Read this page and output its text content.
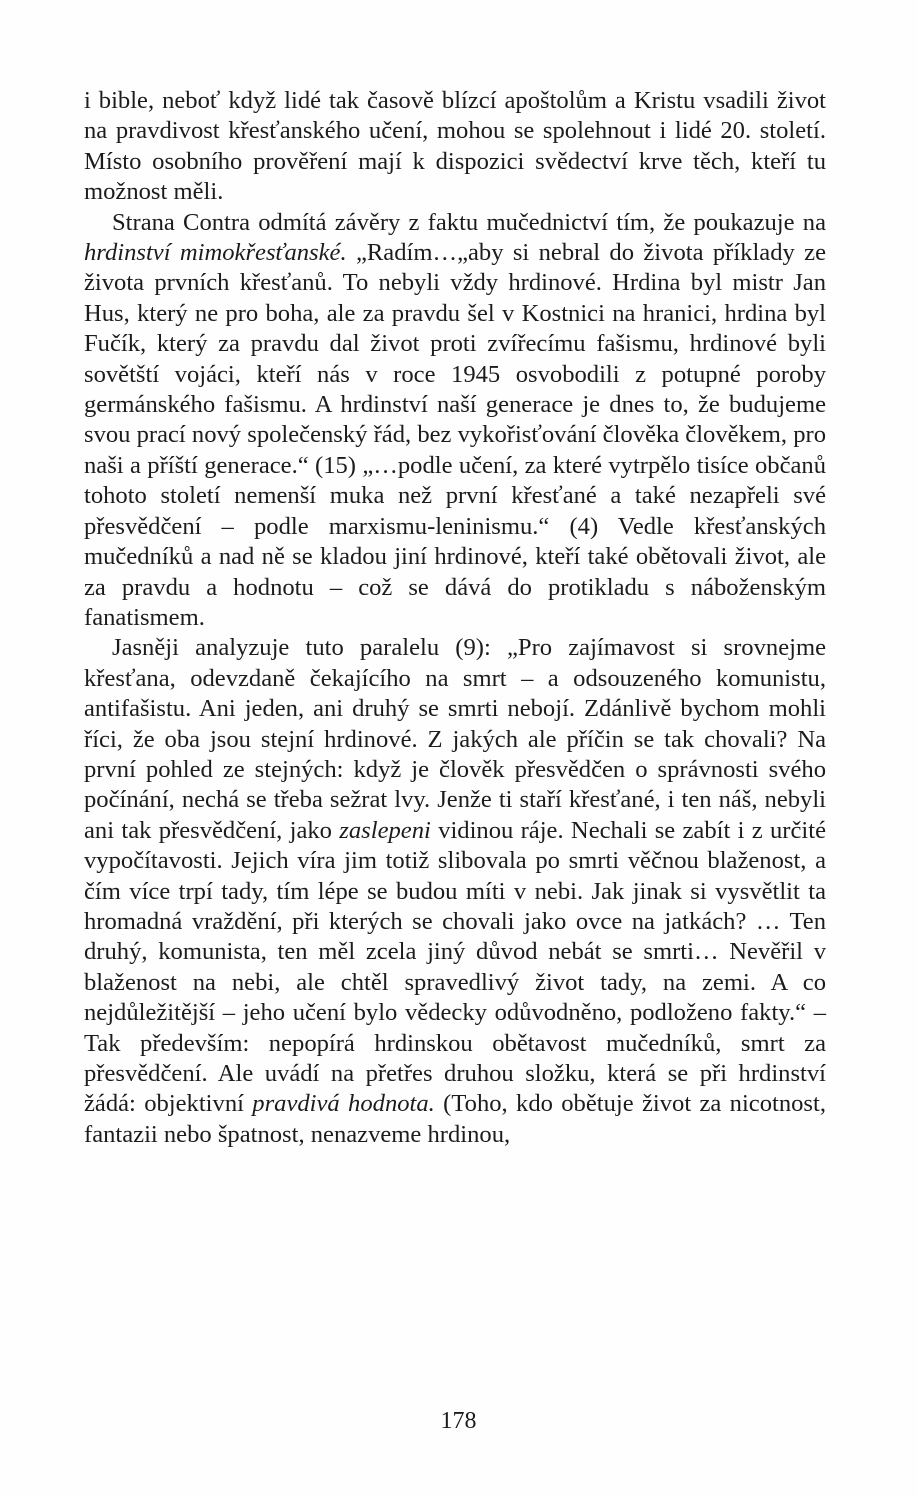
i bible, neboť když lidé tak časově blízcí apoštolům a Kristu vsadili život na pravdivost křesťanského učení, mohou se spolehnout i lidé 20. století. Místo osobního prověření mají k dispozici svědectví krve těch, kteří tu možnost měli.

Strana Contra odmítá závěry z faktu mučednictví tím, že poukazuje na hrdinství mimokřesťanské. „Radím…„aby si nebral do života příklady ze života prvních křesťanů. To nebyli vždy hrdinové. Hrdina byl mistr Jan Hus, který ne pro boha, ale za pravdu šel v Kostnici na hranici, hrdina byl Fučík, který za pravdu dal život proti zvířecímu fašismu, hrdinové byli sovětští vojáci, kteří nás v roce 1945 osvobodili z potupné poroby germánského fašismu. A hrdinství naší generace je dnes to, že budujeme svou prací nový společenský řád, bez vykořisťování člověka člověkem, pro naši a příští generace.“ (15) „…podle učení, za které vytrpělo tisíce občanů tohoto století nemenší muka než první křesťané a také nezapřeli své přesvědčení – podle marxismu-leninismu.“ (4) Vedle křesťanských mučedníků a nad ně se kladou jiní hrdinové, kteří také obětovali život, ale za pravdu a hodnotu – což se dává do protikladu s náboženským fanatismem.

Jasněji analyzuje tuto paralelu (9): „Pro zajímavost si srovnejme křesťana, odevzdaně čekajícího na smrt – a odsouzeného komunistu, antifašistu. Ani jeden, ani druhý se smrti nebojí. Zdánlivě bychom mohli říci, že oba jsou stejní hrdinové. Z jakých ale příčin se tak chovali? Na první pohled ze stejných: když je člověk přesvědčen o správnosti svého počínání, nechá se třeba sežrat lvy. Jenže ti staří křesťané, i ten náš, nebyli ani tak přesvědčení, jako zaslepeni vidinou ráje. Nechali se zabít i z určité vypočítavosti. Jejich víra jim totiž slibovala po smrti věčnou blaženost, a čím více trpí tady, tím lépe se budou míti v nebi. Jak jinak si vysvětlit ta hromadná vraždění, při kterých se chovali jako ovce na jatkách? … Ten druhý, komunista, ten měl zcela jiný důvod nebát se smrti… Nevěřil v blaženost na nebi, ale chtěl spravedlivý život tady, na zemi. A co nejdůležitější – jeho učení bylo vědecky odůvodněno, podloženo fakty.“ – Tak především: nepopírá hrdinskou obětavost mučedníků, smrt za přesvědčení. Ale uvádí na přetřes druhou složku, která se při hrdinství žádá: objektivní pravdivá hodnota. (Toho, kdo obětuje život za nicotnost, fantazii nebo špatnost, nenazveme hrdinou,

178
